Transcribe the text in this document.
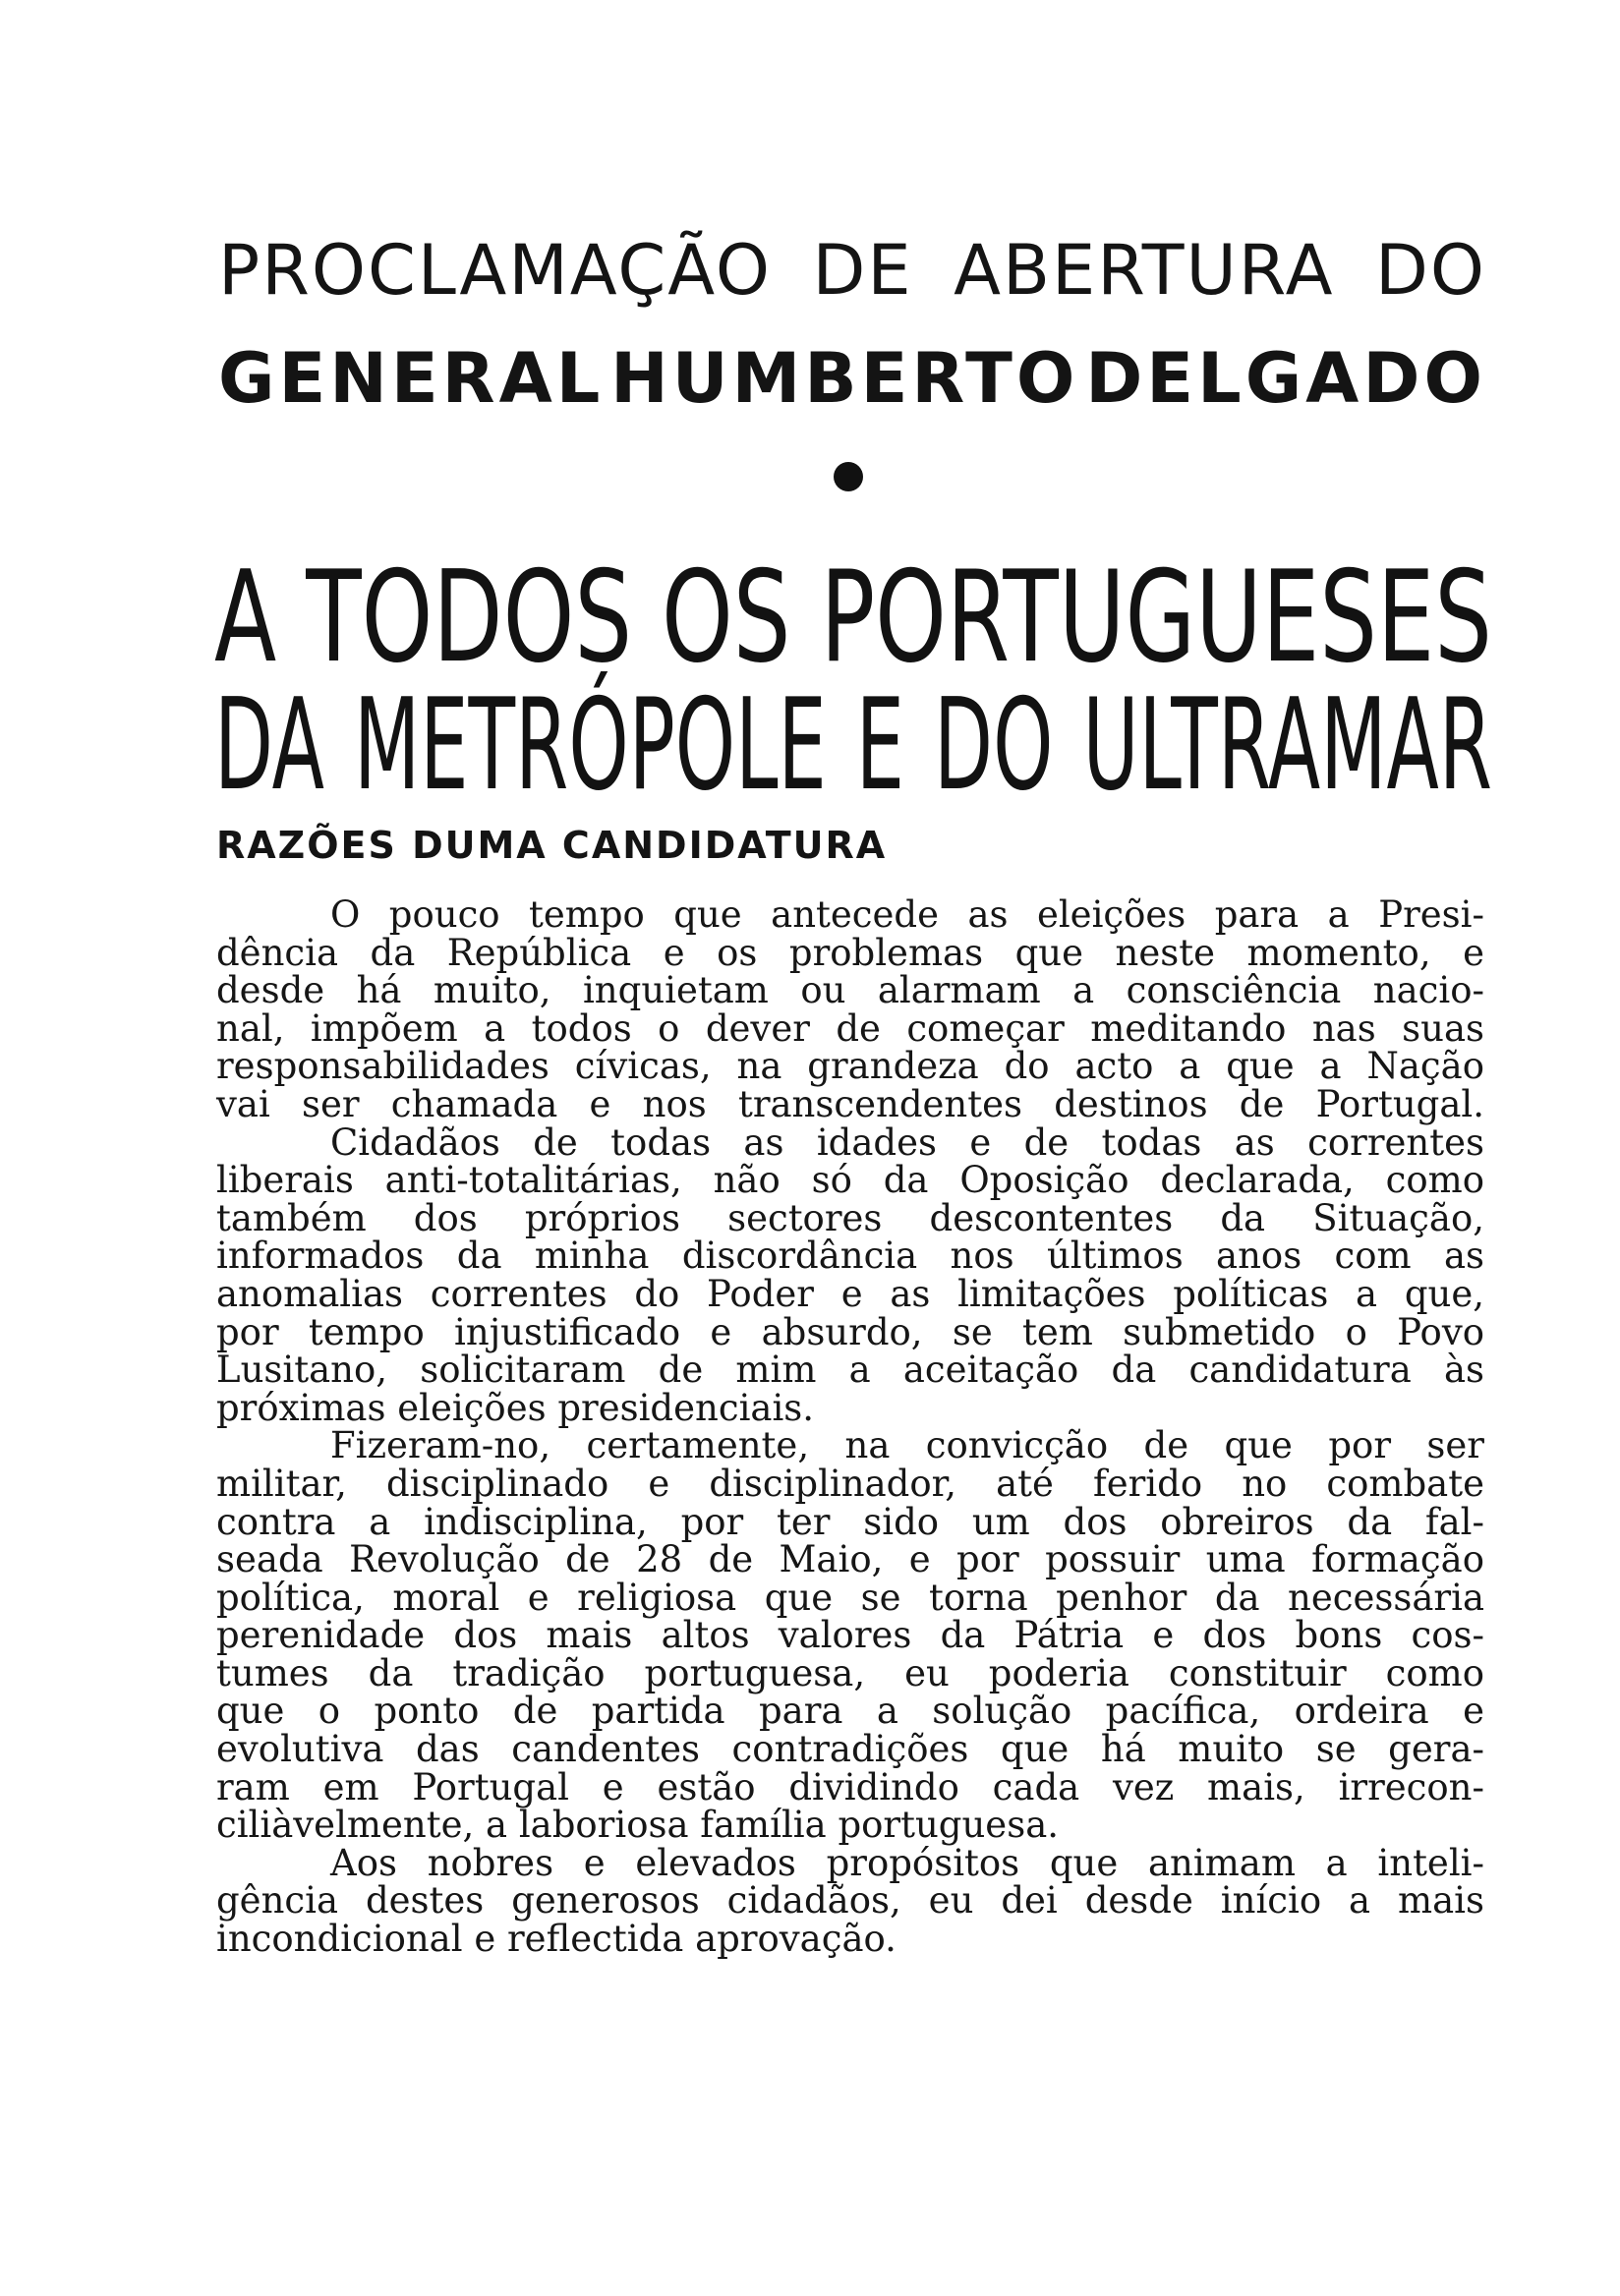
PROCLAMAÇÃO DE ABERTURA DO
GENERAL HUMBERTO DELGADO
A TODOS OS PORTUGUESES
DA METRÓPOLE E DO ULTRAMAR
RAZÕES DUMA CANDIDATURA
O pouco tempo que antecede as eleições para a Presi-
dência da República e os problemas que neste momento, e
desde há muito, inquietam ou alarmam a consciência nacio-
nal, impõem a todos o dever de começar meditando nas suas
responsabilidades cívicas, na grandeza do acto a que a Nação
vai ser chamada e nos transcendentes destinos de Portugal.
Cidadãos de todas as idades e de todas as correntes
liberais anti-totalitárias, não só da Oposição declarada, como
também dos próprios sectores descontentes da Situação,
informados da minha discordância nos últimos anos com as
anomalias correntes do Poder e as limitações políticas a que,
por tempo injustificado e absurdo, se tem submetido o Povo
Lusitano, solicitaram de mim a aceitação da candidatura às
próximas eleições presidenciais.
Fizeram-no, certamente, na convicção de que por ser
militar, disciplinado e disciplinador, até ferido no combate
contra a indisciplina, por ter sido um dos obreiros da fal-
seada Revolução de 28 de Maio, e por possuir uma formação
política, moral e religiosa que se torna penhor da necessária
perenidade dos mais altos valores da Pátria e dos bons cos-
tumes da tradição portuguesa, eu poderia constituir como
que o ponto de partida para a solução pacífica, ordeira e
evolutiva das candentes contradições que há muito se gera-
ram em Portugal e estão dividindo cada vez mais, irrecon-
ciliàvelmente, a laboriosa família portuguesa.
Aos nobres e elevados propósitos que animam a inteli-
gência destes generosos cidadãos, eu dei desde início a mais
incondicional e reflectida aprovação.
